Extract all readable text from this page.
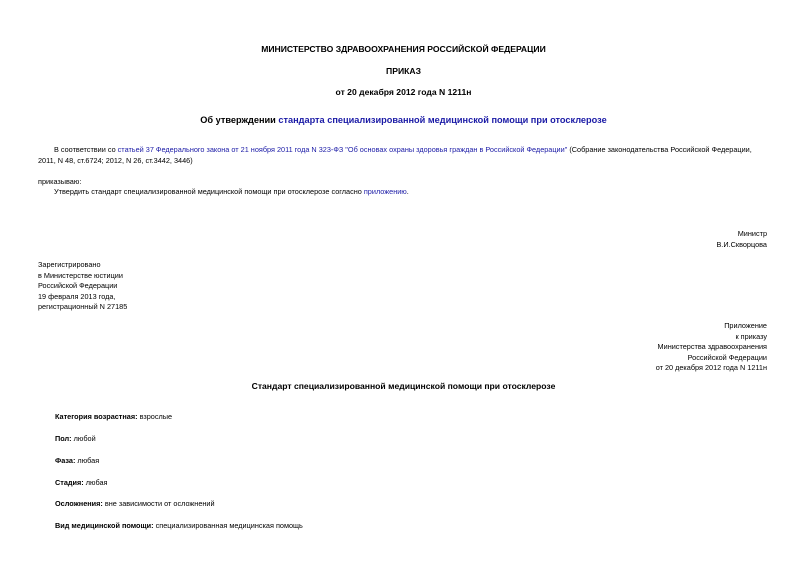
МИНИСТЕРСТВО ЗДРАВООХРАНЕНИЯ РОССИЙСКОЙ ФЕДЕРАЦИИ
ПРИКАЗ
от 20 декабря 2012 года N 1211н
Об утверждении стандарта специализированной медицинской помощи при отосклерозе
В соответствии со статьей 37 Федерального закона от 21 ноября 2011 года N 323-ФЗ "Об основах охраны здоровья граждан в Российской Федерации" (Собрание законодательства Российской Федерации, 2011, N 48, ст.6724; 2012, N 26, ст.3442, 3446)
приказываю:
Утвердить стандарт специализированной медицинской помощи при отосклерозе согласно приложению.
Министр
В.И.Скворцова
Зарегистрировано
в Министерстве юстиции
Российской Федерации
19 февраля 2013 года,
регистрационный N 27185
Приложение
к приказу
Министерства здравоохранения
Российской Федерации
от 20 декабря 2012 года N 1211н
Стандарт специализированной медицинской помощи при отосклерозе
Категория возрастная: взрослые
Пол: любой
Фаза: любая
Стадия: любая
Осложнения: вне зависимости от осложнений
Вид медицинской помощи: специализированная медицинская помощь
